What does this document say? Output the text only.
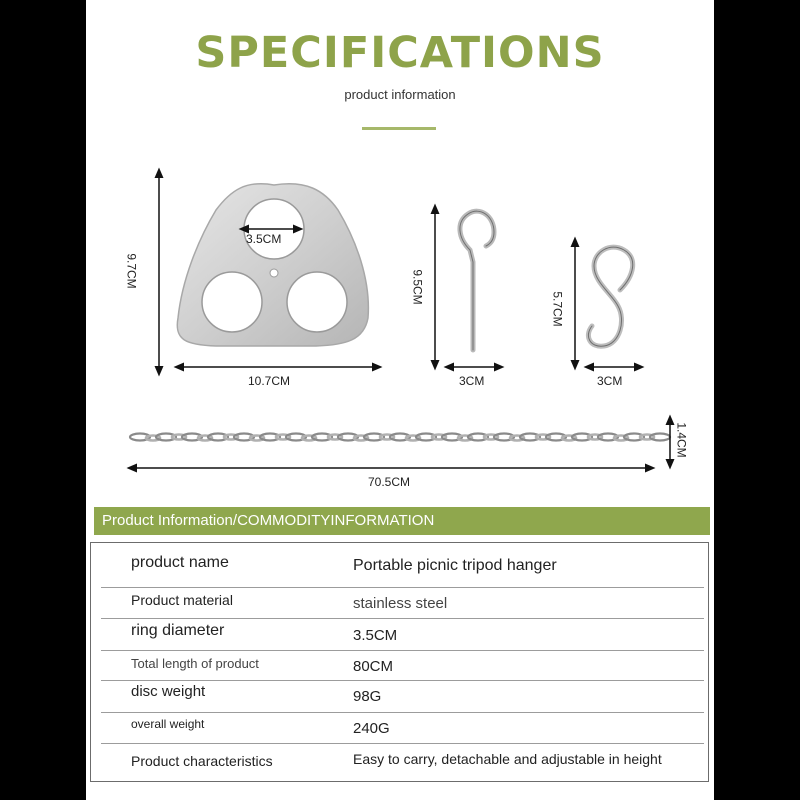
SPECIFICATIONS
product information
3.5CM
9.7CM
10.7CM
9.5CM
3CM
5.7CM
3CM
1.4CM
70.5CM
Product Information/COMMODITYINFORMATION
product name	Portable picnic tripod hanger
Product material	stainless steel
ring diameter	3.5CM
Total length of product	80CM
disc weight	98G
overall weight	240G
Product characteristics	Easy to carry, detachable and adjustable in height
